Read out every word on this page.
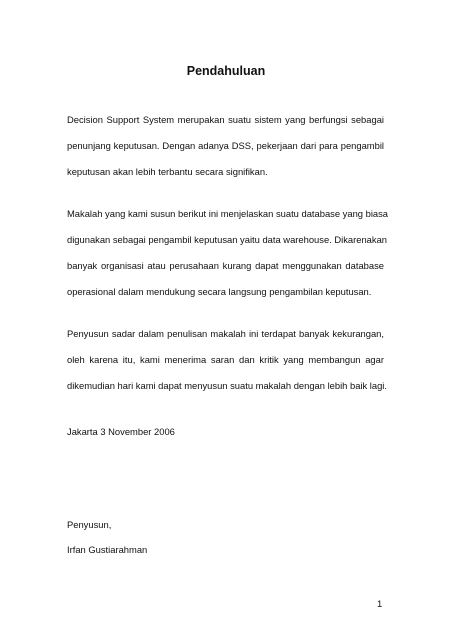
Pendahuluan
Decision Support System merupakan suatu sistem yang berfungsi sebagai
penunjang keputusan. Dengan adanya DSS, pekerjaan dari para pengambil
keputusan akan lebih terbantu secara signifikan.
Makalah yang kami susun berikut ini menjelaskan suatu database yang biasa
digunakan sebagai pengambil keputusan yaitu data warehouse. Dikarenakan
banyak organisasi atau perusahaan kurang dapat menggunakan database
operasional dalam mendukung secara langsung pengambilan keputusan.
Penyusun sadar dalam penulisan makalah ini terdapat banyak kekurangan,
oleh karena itu, kami menerima saran dan kritik yang membangun agar
dikemudian hari kami dapat menyusun suatu makalah dengan lebih baik lagi.
Jakarta 3 November 2006
Penyusun,
Irfan Gustiarahman
1
